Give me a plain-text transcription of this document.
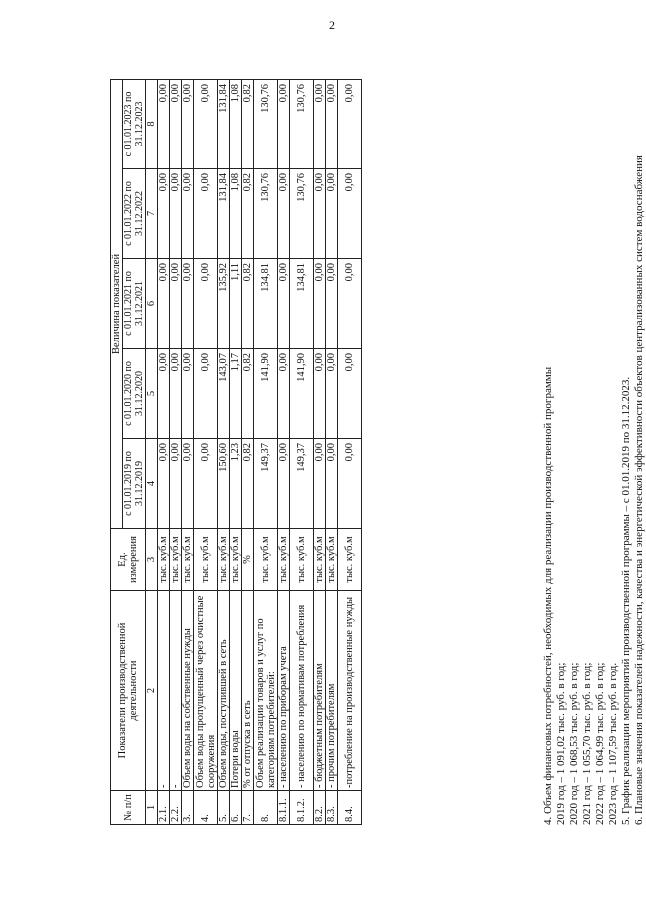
2
№ п/п	Показатели производственной деятельности	Ед. измерения	Величина показателей				
			с 01.01.2019 по 31.12.2019	с 01.01.2020 по 31.12.2020	с 01.01.2021 по 31.12.2021	с 01.01.2022 по 31.12.2022	с 01.01.2023 по 31.12.2023

1	2	3	4	5	6	7	8
2.1.	-	тыс. куб.м	0,00	0,00	0,00	0,00	0,00
2.2.	-	тыс. куб.м	0,00	0,00	0,00	0,00	0,00
3.	Объем воды на собственные нужды	тыс. куб.м	0,00	0,00	0,00	0,00	0,00
4.	Объем воды пропущенный через очистные сооружения	тыс. куб.м	0,00	0,00	0,00	0,00	0,00
5.	Объем воды, поступившей в сеть	тыс. куб.м	150,60	143,07	135,92	131,84	131,84
6.	Потери воды	тыс. куб.м	1,23	1,17	1,11	1,08	1,08
7.	% от отпуска в сеть	%	0,82	0,82	0,82	0,82	0,82
8.	Объем реализации товаров и услуг по категориям потребителей:	тыс. куб.м	149,37	141,90	134,81	130,76	130,76
8.1.1.	- населению по приборам учета	тыс. куб.м	0,00	0,00	0,00	0,00	0,00
8.1.2.	- населению по нормативам потребления	тыс. куб.м	149,37	141,90	134,81	130,76	130,76
8.2.	- бюджетным потребителям	тыс. куб.м	0,00	0,00	0,00	0,00	0,00
8.3.	- прочим потребителям	тыс. куб.м	0,00	0,00	0,00	0,00	0,00
8.4.	-потребление на производственные нужды	тыс. куб.м	0,00	0,00	0,00	0,00	0,00

4. Объем финансовых потребностей, необходимых для реализации производственной программы 2019 год – 1 091,02 тыс. руб. в год; 2020 год – 1 068,53 тыс. руб. в год; 2021 год – 1 055,70 тыс. руб. в год; 2022 год – 1 064,99 тыс. руб. в год; 2023 год – 1 107,59 тыс. руб. в год. 5. График реализации мероприятий производственной программы – с 01.01.2019 по 31.12.2023. 6. Плановые значения показателей надежности, качества и энергетической эффективности объектов централизованных систем водоснабжения
